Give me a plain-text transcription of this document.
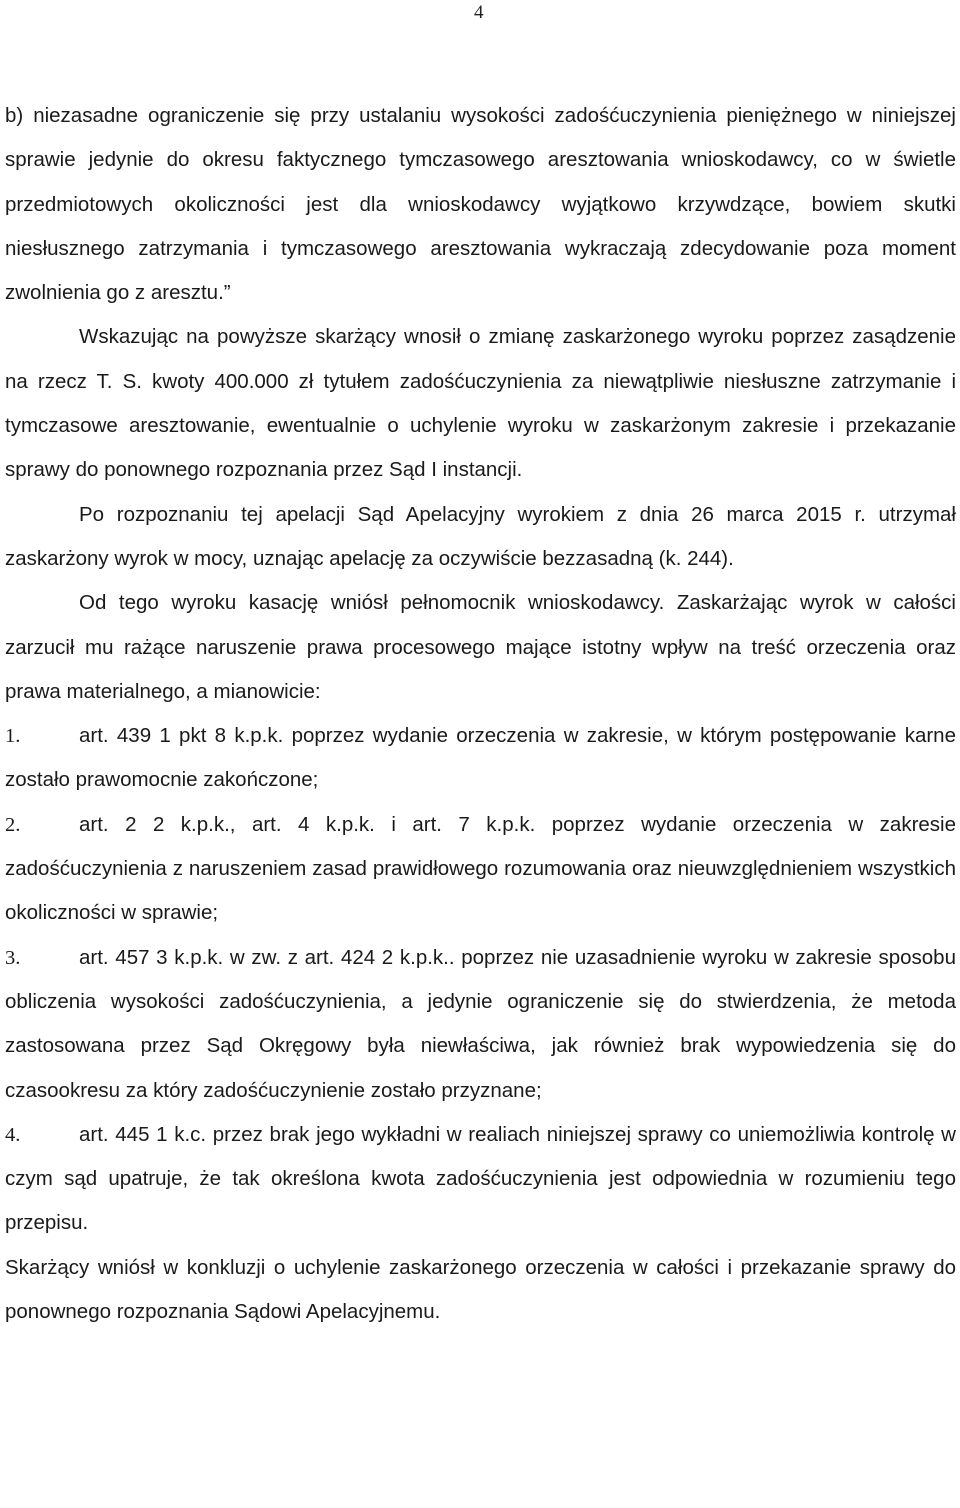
4

b) niezasadne ograniczenie się przy ustalaniu wysokości zadośćuczynienia pieniężnego w niniejszej sprawie jedynie do okresu faktycznego tymczasowego aresztowania wnioskodawcy, co w świetle przedmiotowych okoliczności jest dla wnioskodawcy wyjątkowo krzywdzące, bowiem skutki niesłusznego zatrzymania i tymczasowego aresztowania wykraczają zdecydowanie poza moment zwolnienia go z aresztu.”

Wskazując na powyższe skarżący wnosił o zmianę zaskarżonego wyroku poprzez zasądzenie na rzecz T. S. kwoty 400.000 zł tytułem zadośćuczynienia za niewątpliwie niesłuszne zatrzymanie i tymczasowe aresztowanie, ewentualnie o uchylenie wyroku w zaskarżonym zakresie i przekazanie sprawy do ponownego rozpoznania przez Sąd I instancji.

Po rozpoznaniu tej apelacji Sąd Apelacyjny wyrokiem z dnia 26 marca 2015 r. utrzymał zaskarżony wyrok w mocy, uznając apelację za oczywiście bezzasadną (k. 244).

Od tego wyroku kasację wniósł pełnomocnik wnioskodawcy. Zaskarżając wyrok w całości zarzucił mu rażące naruszenie prawa procesowego mające istotny wpływ na treść orzeczenia oraz prawa materialnego, a mianowicie:

1.	art. 439 1 pkt 8 k.p.k. poprzez wydanie orzeczenia w zakresie, w którym postępowanie karne zostało prawomocnie zakończone;

2.	art. 2 2 k.p.k., art. 4 k.p.k. i art. 7 k.p.k. poprzez wydanie orzeczenia w zakresie zadośćuczynienia z naruszeniem zasad prawidłowego rozumowania oraz nieuwzględnieniem wszystkich okoliczności w sprawie;

3.	art. 457 3 k.p.k. w zw. z art. 424 2 k.p.k.. poprzez nie uzasadnienie wyroku w zakresie sposobu obliczenia wysokości zadośćuczynienia, a jedynie ograniczenie się do stwierdzenia, że metoda zastosowana przez Sąd Okręgowy była niewłaściwa, jak również brak wypowiedzenia się do czasookresu za który zadośćuczynienie zostało przyznane;

4.	art. 445 1 k.c. przez brak jego wykładni w realiach niniejszej sprawy co uniemożliwia kontrolę w czym sąd upatruje, że tak określona kwota zadośćuczynienia jest odpowiednia w rozumieniu tego przepisu.

Skarżący wniósł w konkluzji o uchylenie zaskarżonego orzeczenia w całości i przekazanie sprawy do ponownego rozpoznania Sądowi Apelacyjnemu.
